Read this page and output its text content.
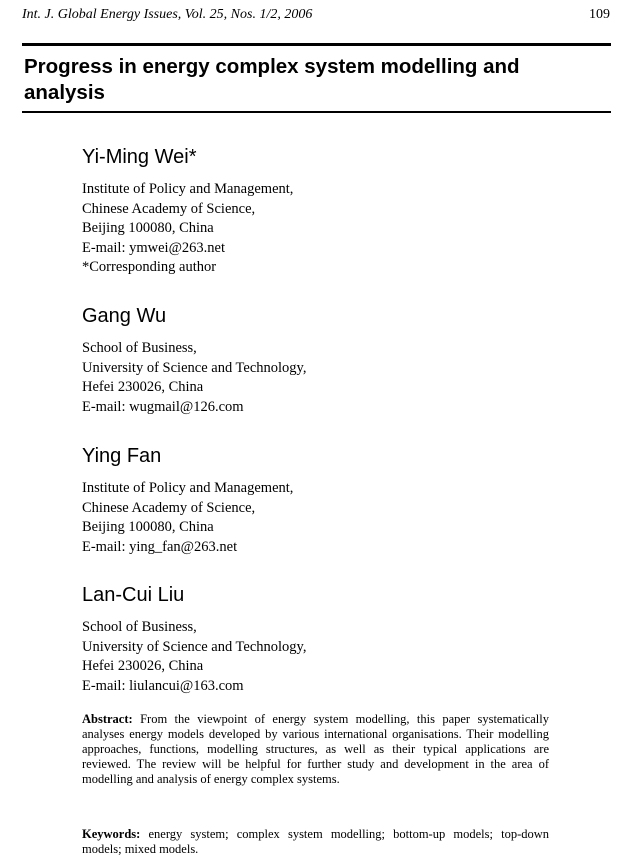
Int. J. Global Energy Issues, Vol. 25, Nos. 1/2, 2006	109
Progress in energy complex system modelling and analysis
Yi-Ming Wei*
Institute of Policy and Management,
Chinese Academy of Science,
Beijing 100080, China
E-mail: ymwei@263.net
*Corresponding author
Gang Wu
School of Business,
University of Science and Technology,
Hefei 230026, China
E-mail: wugmail@126.com
Ying Fan
Institute of Policy and Management,
Chinese Academy of Science,
Beijing 100080, China
E-mail: ying_fan@263.net
Lan-Cui Liu
School of Business,
University of Science and Technology,
Hefei 230026, China
E-mail: liulancui@163.com
Abstract: From the viewpoint of energy system modelling, this paper systematically analyses energy models developed by various international organisations. Their modelling approaches, functions, modelling structures, as well as their typical applications are reviewed. The review will be helpful for further study and development in the area of modelling and analysis of energy complex systems.
Keywords: energy system; complex system modelling; bottom-up models; top-down models; mixed models.
